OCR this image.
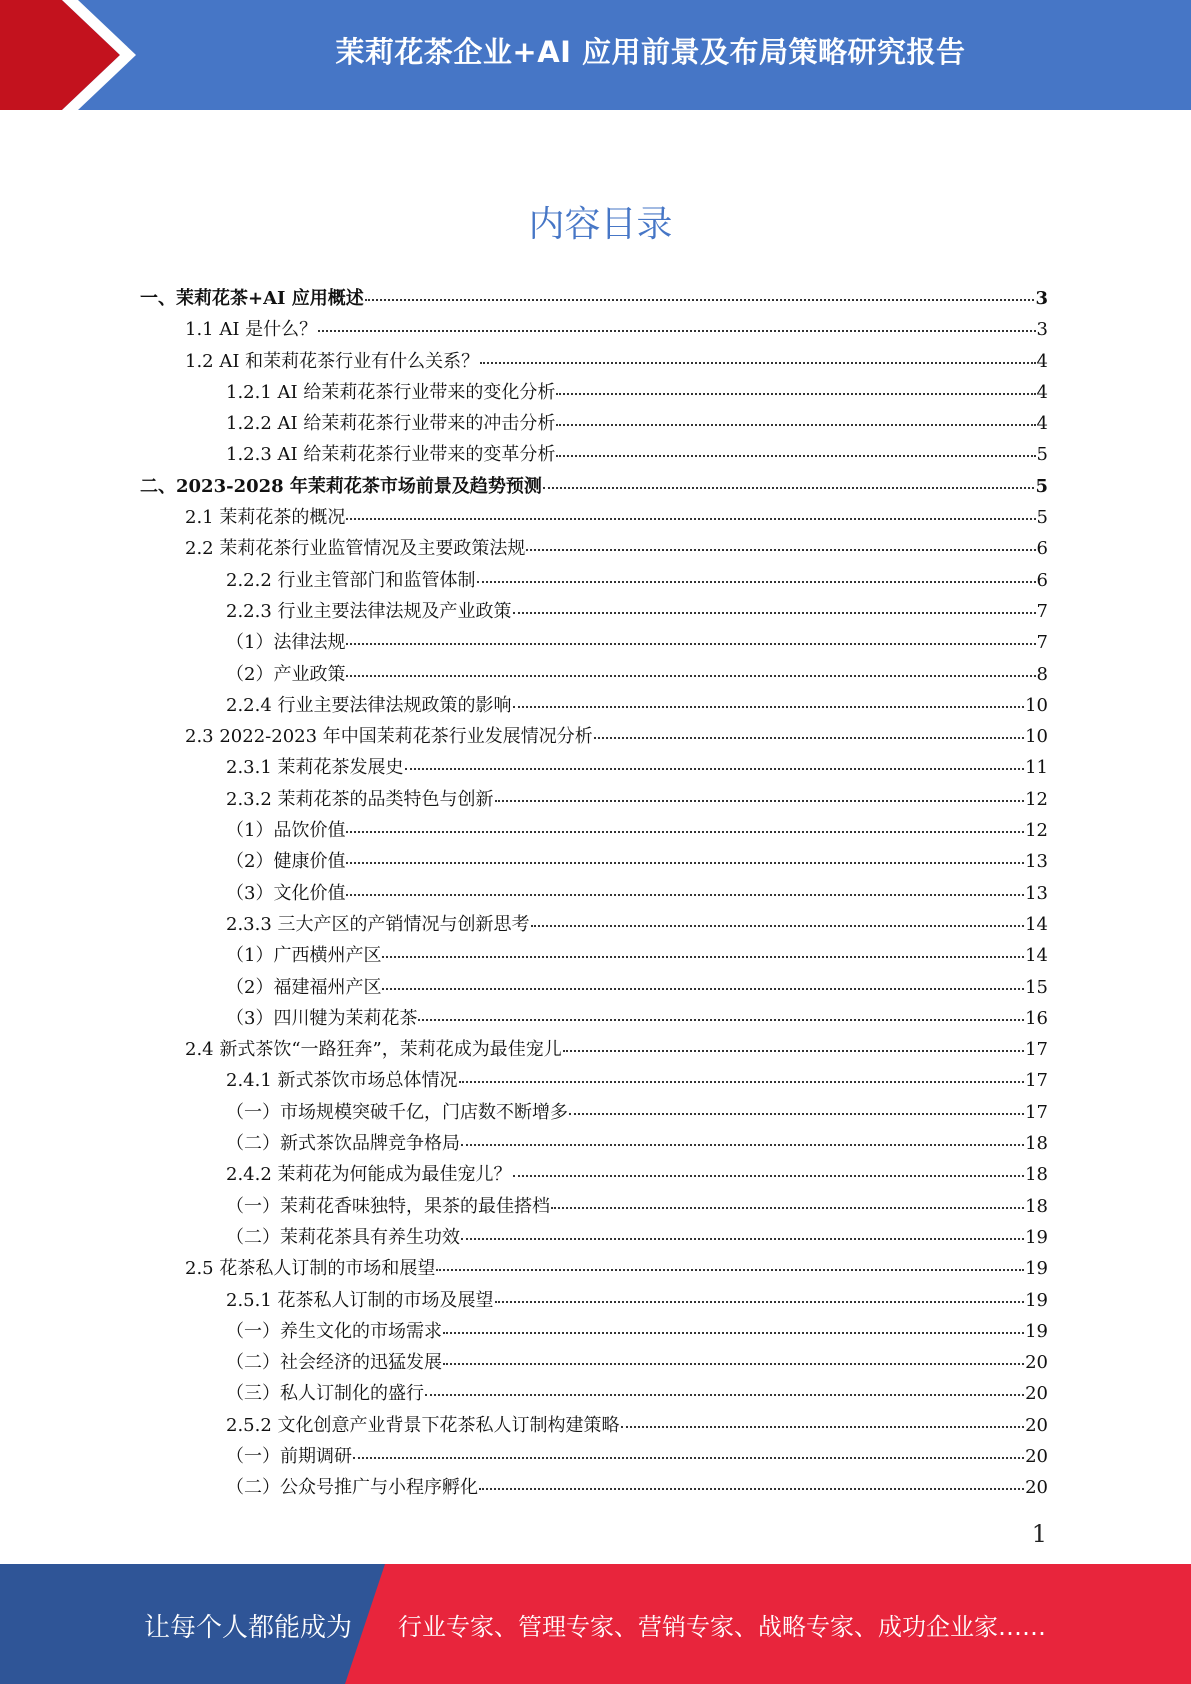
茉莉花茶企业+AI 应用前景及布局策略研究报告
内容目录
一、茉莉花茶+AI 应用概述	3
1.1 AI 是什么？	3
1.2 AI 和茉莉花茶行业有什么关系？	4
1.2.1 AI 给茉莉花茶行业带来的变化分析	4
1.2.2 AI 给茉莉花茶行业带来的冲击分析	4
1.2.3 AI 给茉莉花茶行业带来的变革分析	5
二、2023-2028 年茉莉花茶市场前景及趋势预测	5
2.1 茉莉花茶的概况	5
2.2 茉莉花茶行业监管情况及主要政策法规	6
2.2.2 行业主管部门和监管体制	6
2.2.3 行业主要法律法规及产业政策	7
（1）法律法规	7
（2）产业政策	8
2.2.4 行业主要法律法规政策的影响	10
2.3 2022-2023 年中国茉莉花茶行业发展情况分析	10
2.3.1 茉莉花茶发展史	11
2.3.2 茉莉花茶的品类特色与创新	12
（1）品饮价值	12
（2）健康价值	13
（3）文化价值	13
2.3.3 三大产区的产销情况与创新思考	14
（1）广西横州产区	14
（2）福建福州产区	15
（3）四川犍为茉莉花茶	16
2.4 新式茶饮“一路狂奔”，茉莉花成为最佳宠儿	17
2.4.1 新式茶饮市场总体情况	17
（一）市场规模突破千亿，门店数不断增多	17
（二）新式茶饮品牌竞争格局	18
2.4.2 茉莉花为何能成为最佳宠儿？	18
（一）茉莉花香味独特，果茶的最佳搭档	18
（二）茉莉花茶具有养生功效	19
2.5 花茶私人订制的市场和展望	19
2.5.1 花茶私人订制的市场及展望	19
（一）养生文化的市场需求	19
（二）社会经济的迅猛发展	20
（三）私人订制化的盛行	20
2.5.2 文化创意产业背景下花茶私人订制构建策略	20
（一）前期调研	20
（二）公众号推广与小程序孵化	20
1
让每个人都能成为 行业专家、管理专家、营销专家、战略专家、成功企业家……
